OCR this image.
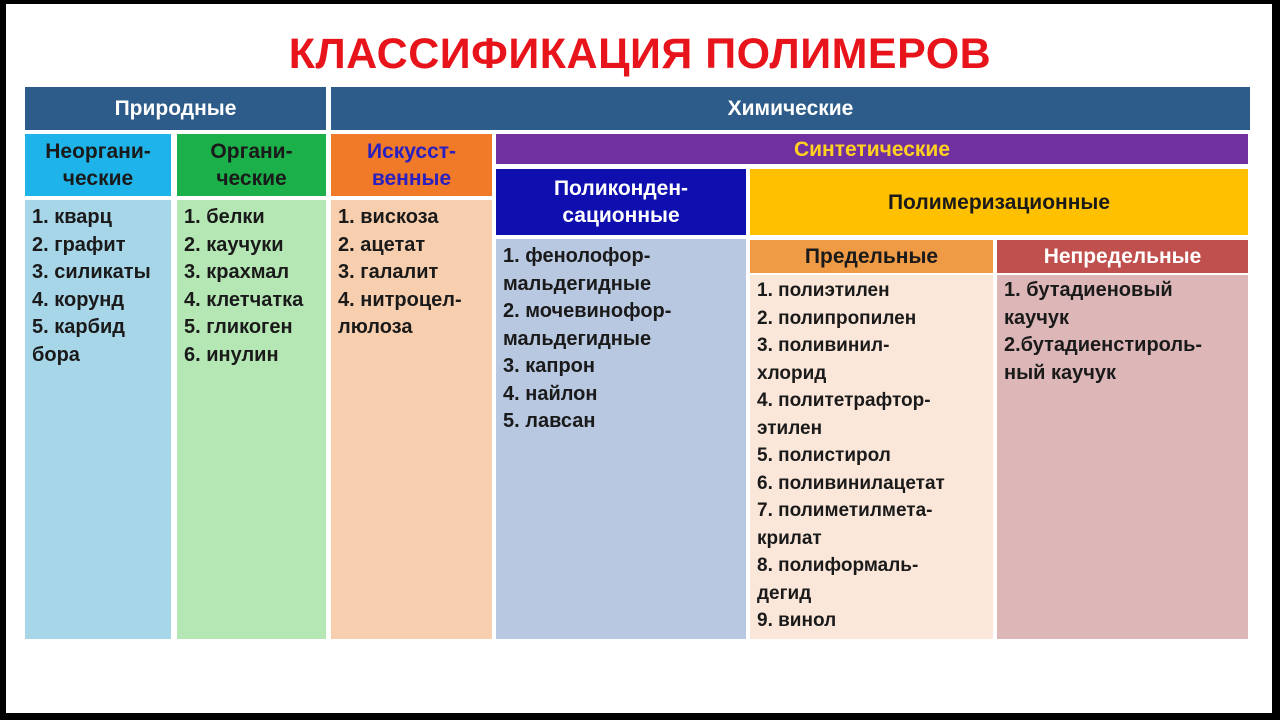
КЛАССИФИКАЦИЯ ПОЛИМЕРОВ
Природные	Химические
Неоргани-
ческие
Органи-
ческие
Искусст-
венные
Синтетические
Поликонден-
сационные
Полимеризационные
Предельные	Непредельные
1. кварц
2. графит
3. силикаты
4. корунд
5. карбид
бора
1. белки
2. каучуки
3. крахмал
4. клетчатка
5. гликоген
6. инулин
1. вискоза
2. ацетат
3. галалит
4. нитроцел-
люлоза
1. фенолофор-
мальдегидные
2. мочевинофор-
мальдегидные
3. капрон
4. найлон
5. лавсан
1. полиэтилен
2. полипропилен
3. поливинил-
хлорид
4. политетрафтор-
этилен
5. полистирол
6. поливинилацетат
7. полиметилмета-
крилат
8. полиформаль-
дегид
9. винол
1. бутадиеновый
каучук
2.бутадиенстироль-
ный каучук
